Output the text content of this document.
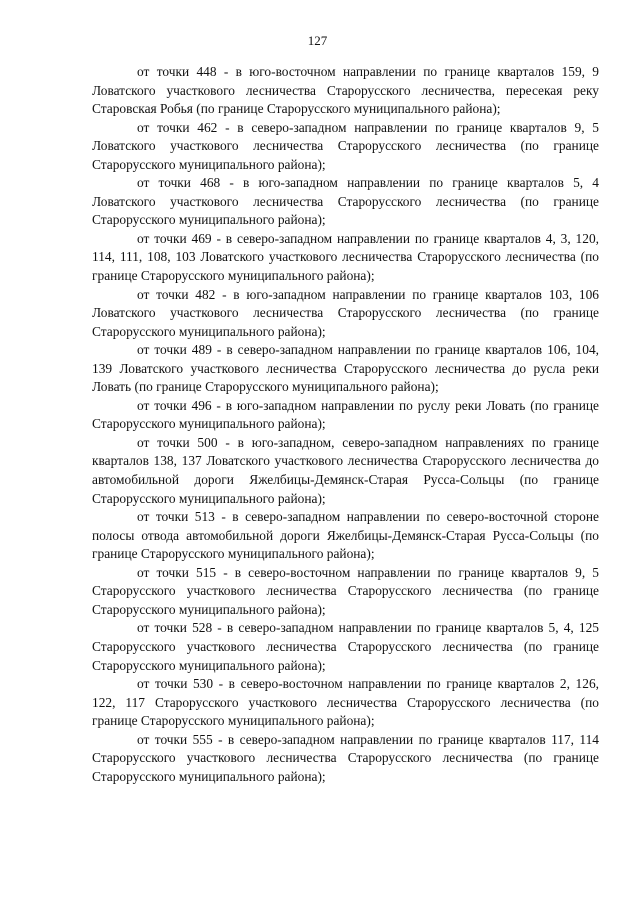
127

от точки 448 - в юго-восточном направлении по границе кварталов 159, 9 Ловатского участкового лесничества Старорусского лесничества, пересекая реку Старовская Робья (по границе Старорусского муниципального района);

от точки 462 - в северо-западном направлении по границе кварталов 9, 5 Ловатского участкового лесничества Старорусского лесничества (по границе Старорусского муниципального района);

от точки 468 - в юго-западном направлении по границе кварталов 5, 4 Ловатского участкового лесничества Старорусского лесничества (по границе Старорусского муниципального района);

от точки 469 - в северо-западном направлении по границе кварталов 4, 3, 120, 114, 111, 108, 103 Ловатского участкового лесничества Старорусского лесничества (по границе Старорусского муниципального района);

от точки 482 - в юго-западном направлении по границе кварталов 103, 106 Ловатского участкового лесничества Старорусского лесничества (по границе Старорусского муниципального района);

от точки 489 - в северо-западном направлении по границе кварталов 106, 104, 139 Ловатского участкового лесничества Старорусского лесничества до русла реки Ловать (по границе Старорусского муниципального района);

от точки 496 - в юго-западном направлении по руслу реки Ловать (по границе Старорусского муниципального района);

от точки 500 - в юго-западном, северо-западном направлениях по границе кварталов 138, 137 Ловатского участкового лесничества Старорусского лесничества до автомобильной дороги Яжелбицы-Демянск-Старая Русса-Сольцы (по границе Старорусского муниципального района);

от точки 513 - в северо-западном направлении по северо-восточной стороне полосы отвода автомобильной дороги Яжелбицы-Демянск-Старая Русса-Сольцы (по границе Старорусского муниципального района);

от точки 515 - в северо-восточном направлении по границе кварталов 9, 5 Старорусского участкового лесничества Старорусского лесничества (по границе Старорусского муниципального района);

от точки 528 - в северо-западном направлении по границе кварталов 5, 4, 125 Старорусского участкового лесничества Старорусского лесничества (по границе Старорусского муниципального района);

от точки 530 - в северо-восточном направлении по границе кварталов 2, 126, 122, 117 Старорусского участкового лесничества Старорусского лесничества (по границе Старорусского муниципального района);

от точки 555 - в северо-западном направлении по границе кварталов 117, 114 Старорусского участкового лесничества Старорусского лесничества (по границе Старорусского муниципального района);
